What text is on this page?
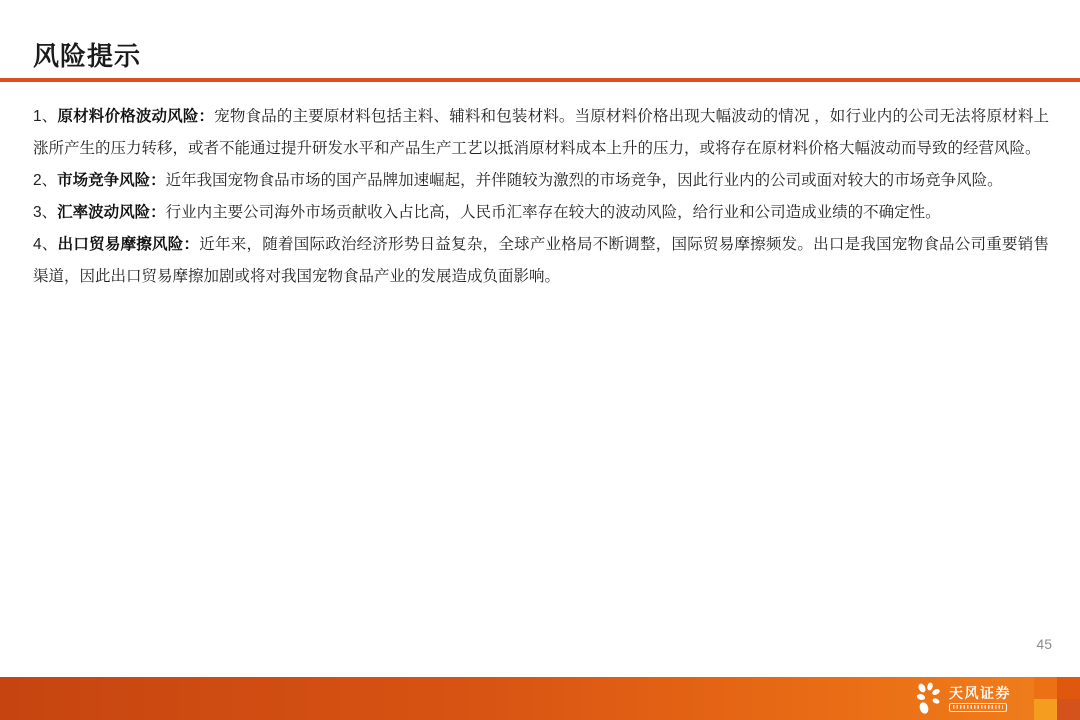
风险提示

1、原材料价格波动风险：宠物食品的主要原材料包括主料、辅料和包装材料。当原材料价格出现大幅波动的情况 ，如行业内的公司无法将原材料上涨所产生的压力转移，或者不能通过提升研发水平和产品生产工艺以抵消原材料成本上升的压力，或将存在原材料价格大幅波动而导致的经营风险。

2、市场竞争风险：近年我国宠物食品市场的国产品牌加速崛起，并伴随较为激烈的市场竞争，因此行业内的公司或面对较大的市场竞争风险。

3、汇率波动风险：行业内主要公司海外市场贡献收入占比高，人民币汇率存在较大的波动风险，给行业和公司造成业绩的不确定性。

4、出口贸易摩擦风险：近年来，随着国际政治经济形势日益复杂，全球产业格局不断调整，国际贸易摩擦频发。出口是我国宠物食品公司重要销售渠道，因此出口贸易摩擦加剧或将对我国宠物食品产业的发展造成负面影响。

45
天风证券
